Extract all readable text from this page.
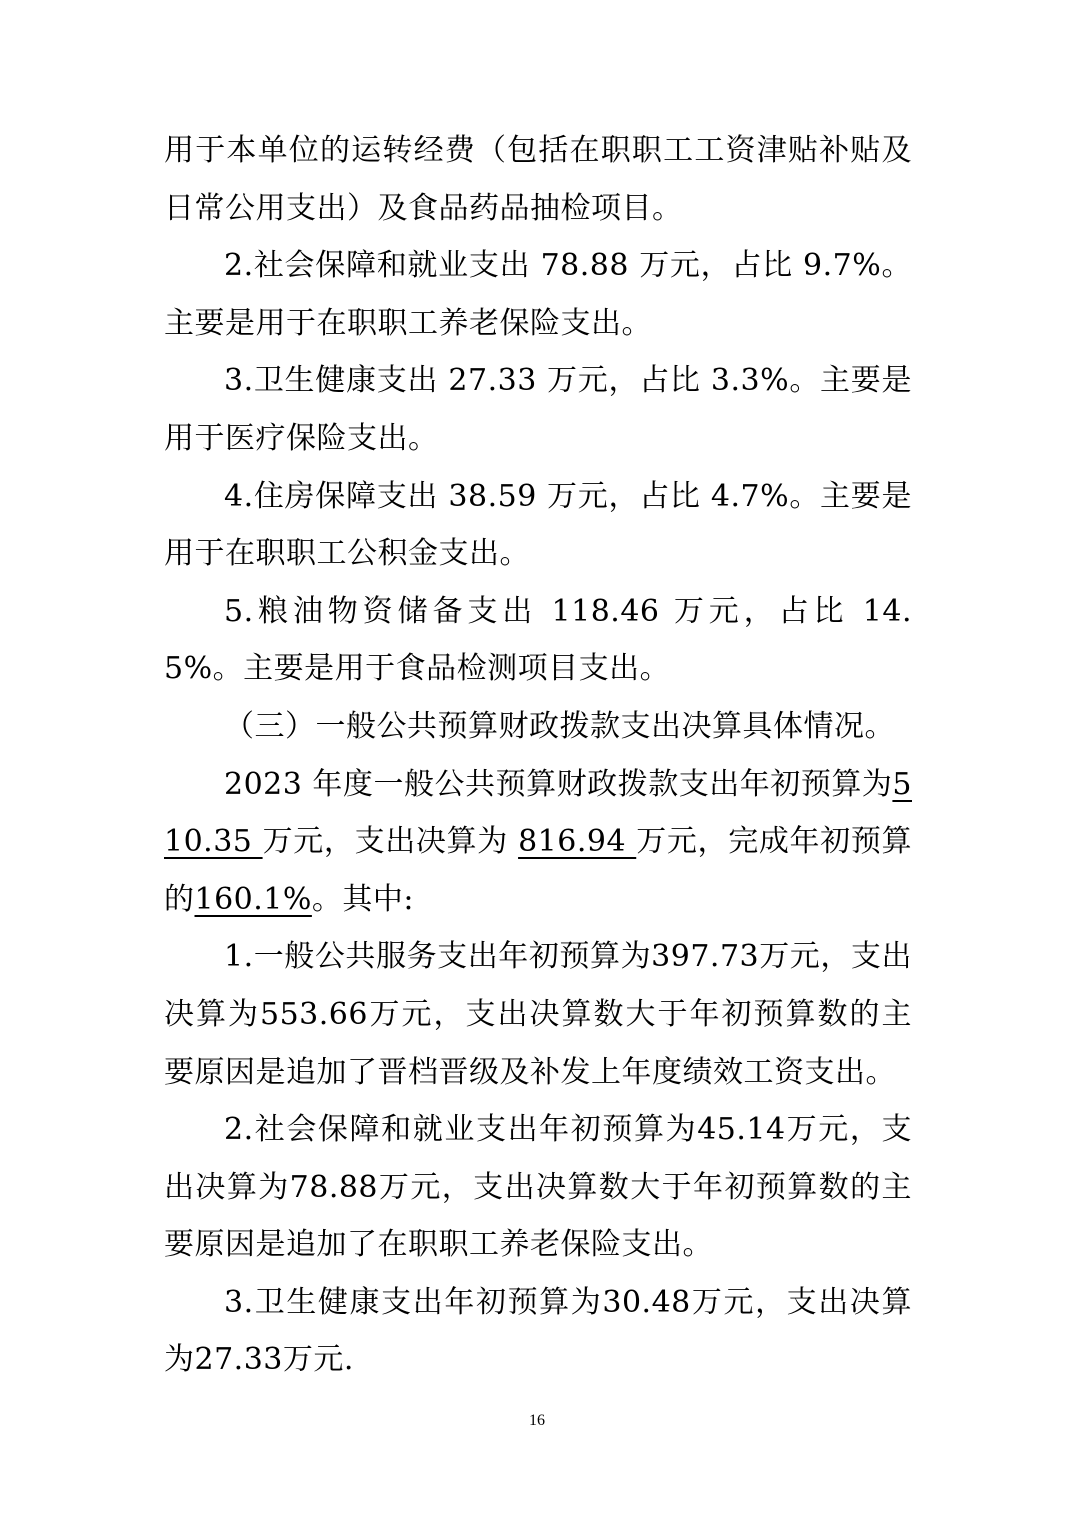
用于本单位的运转经费（包括在职职工工资津贴补贴及日常公用支出）及食品药品抽检项目。

2.社会保障和就业支出 78.88 万元，占比 9.7%。主要是用于在职职工养老保险支出。

3.卫生健康支出 27.33 万元，占比 3.3%。主要是用于医疗保险支出。

4.住房保障支出 38.59 万元，占比 4.7%。主要是用于在职职工公积金支出。

5.粮油物资储备支出 118.46 万元，占比 14.5%。主要是用于食品检测项目支出。

（三）一般公共预算财政拨款支出决算具体情况。

2023 年度一般公共预算财政拨款支出年初预算为510.35 万元，支出决算为 816.94 万元，完成年初预算的160.1%。其中:

1.一般公共服务支出年初预算为397.73万元，支出决算为553.66万元，支出决算数大于年初预算数的主要原因是追加了晋档晋级及补发上年度绩效工资支出。

2.社会保障和就业支出年初预算为45.14万元，支出决算为78.88万元，支出决算数大于年初预算数的主要原因是追加了在职职工养老保险支出。

3.卫生健康支出年初预算为30.48万元，支出决算为27.33万元.

16
